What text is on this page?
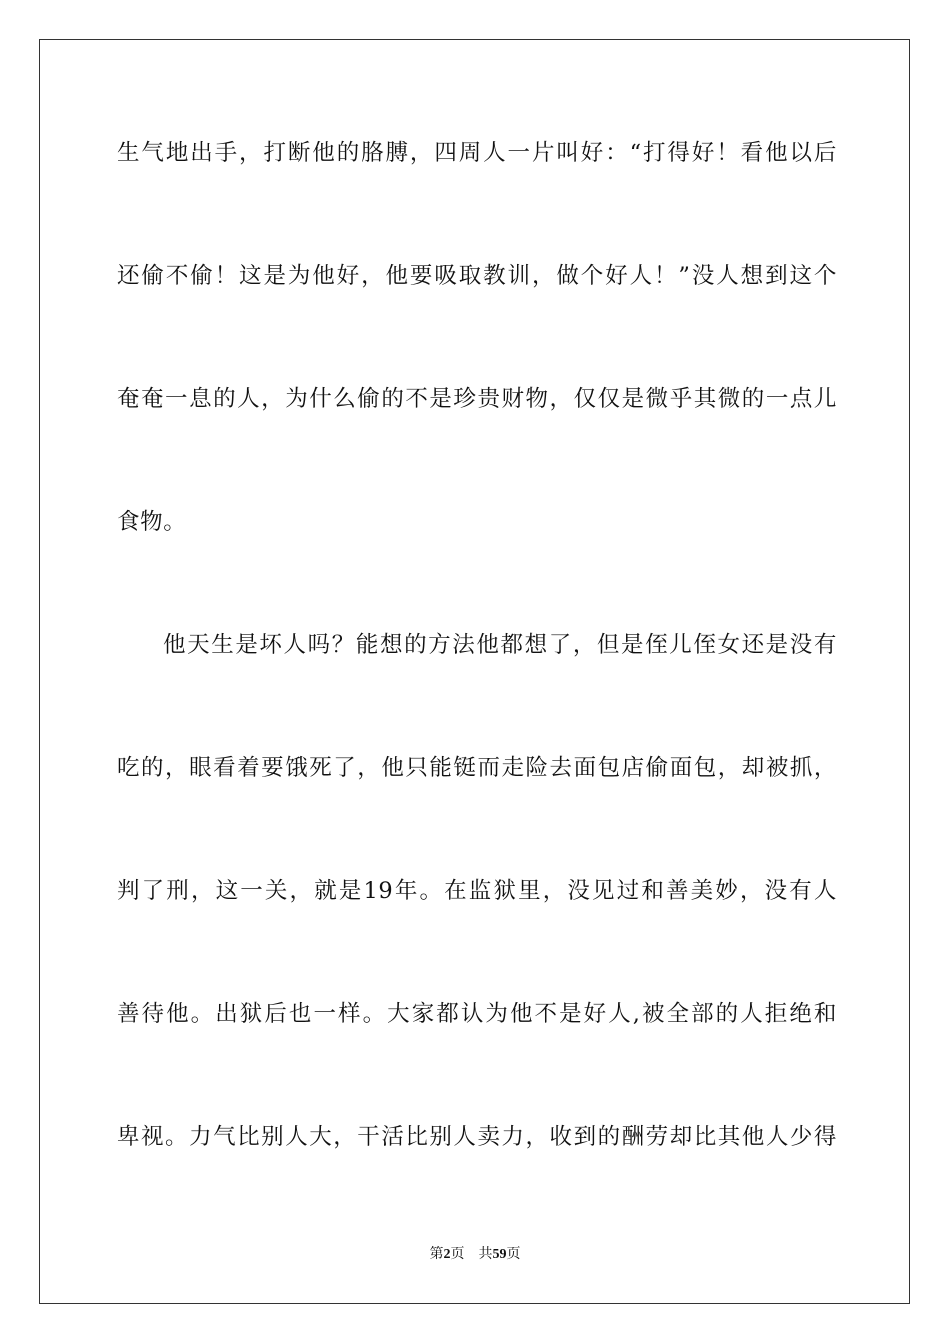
生气地出手，打断他的胳膊，四周人一片叫好：“打得好！看他以后
还偷不偷！这是为他好，他要吸取教训，做个好人！”没人想到这个
奄奄一息的人，为什么偷的不是珍贵财物，仅仅是微乎其微的一点儿
食物。
他天生是坏人吗？能想的方法他都想了，但是侄儿侄女还是没有
吃的，眼看着要饿死了，他只能铤而走险去面包店偷面包，却被抓，
判了刑，这一关，就是19年。在监狱里，没见过和善美妙，没有人
善待他。出狱后也一样。大家都认为他不是好人,被全部的人拒绝和
卑视。力气比别人大，干活比别人卖力，收到的酬劳却比其他人少得
第2页 共59页
